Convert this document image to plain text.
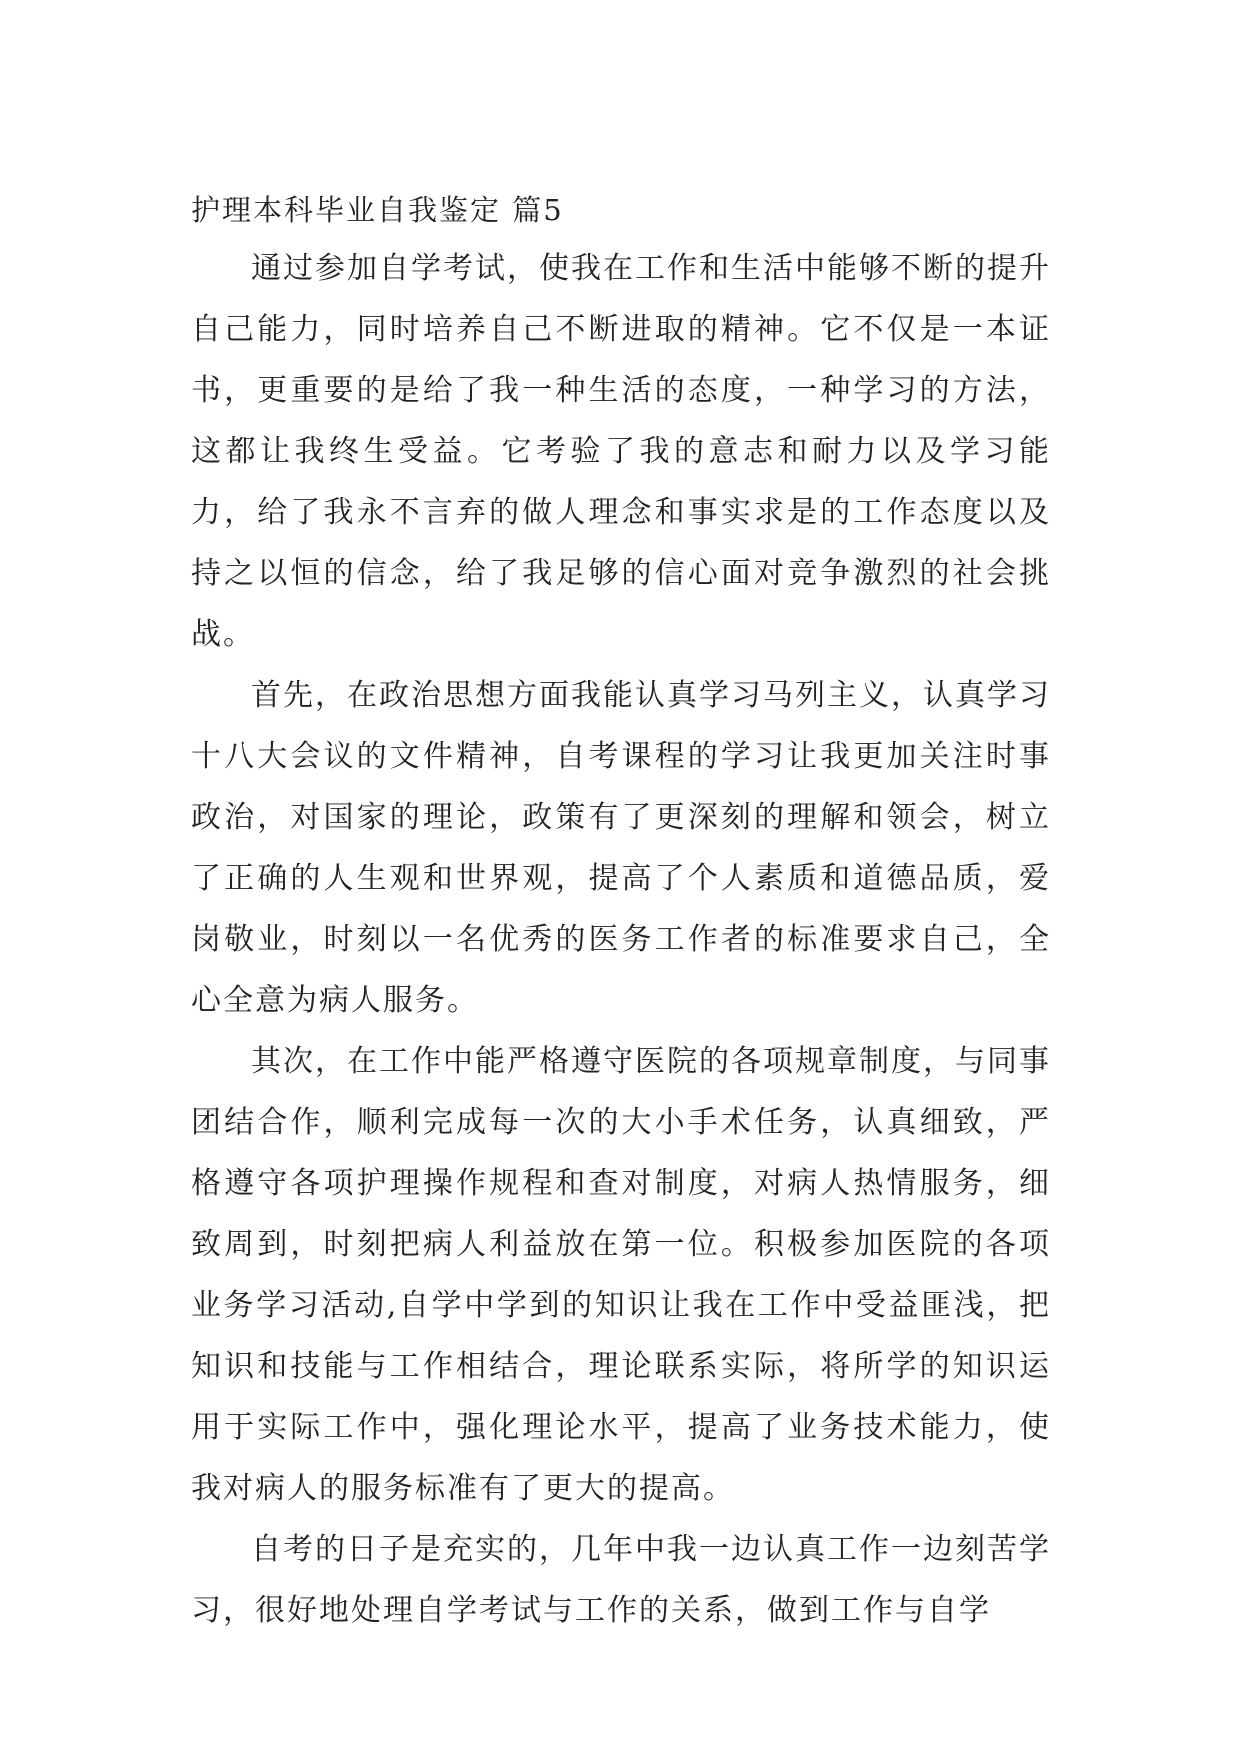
护理本科毕业自我鉴定 篇5

通过参加自学考试，使我在工作和生活中能够不断的提升自己能力，同时培养自己不断进取的精神。它不仅是一本证书，更重要的是给了我一种生活的态度，一种学习的方法，这都让我终生受益。它考验了我的意志和耐力以及学习能力，给了我永不言弃的做人理念和事实求是的工作态度以及持之以恒的信念，给了我足够的信心面对竞争激烈的社会挑战。

首先，在政治思想方面我能认真学习马列主义，认真学习十八大会议的文件精神，自考课程的学习让我更加关注时事政治，对国家的理论，政策有了更深刻的理解和领会，树立了正确的人生观和世界观，提高了个人素质和道德品质，爱岗敬业，时刻以一名优秀的医务工作者的标准要求自己，全心全意为病人服务。

其次，在工作中能严格遵守医院的各项规章制度，与同事团结合作，顺利完成每一次的大小手术任务，认真细致，严格遵守各项护理操作规程和查对制度，对病人热情服务，细致周到，时刻把病人利益放在第一位。积极参加医院的各项业务学习活动,自学中学到的知识让我在工作中受益匪浅，把知识和技能与工作相结合，理论联系实际，将所学的知识运用于实际工作中，强化理论水平，提高了业务技术能力，使我对病人的服务标准有了更大的提高。

自考的日子是充实的，几年中我一边认真工作一边刻苦学习，很好地处理自学考试与工作的关系，做到工作与自学
